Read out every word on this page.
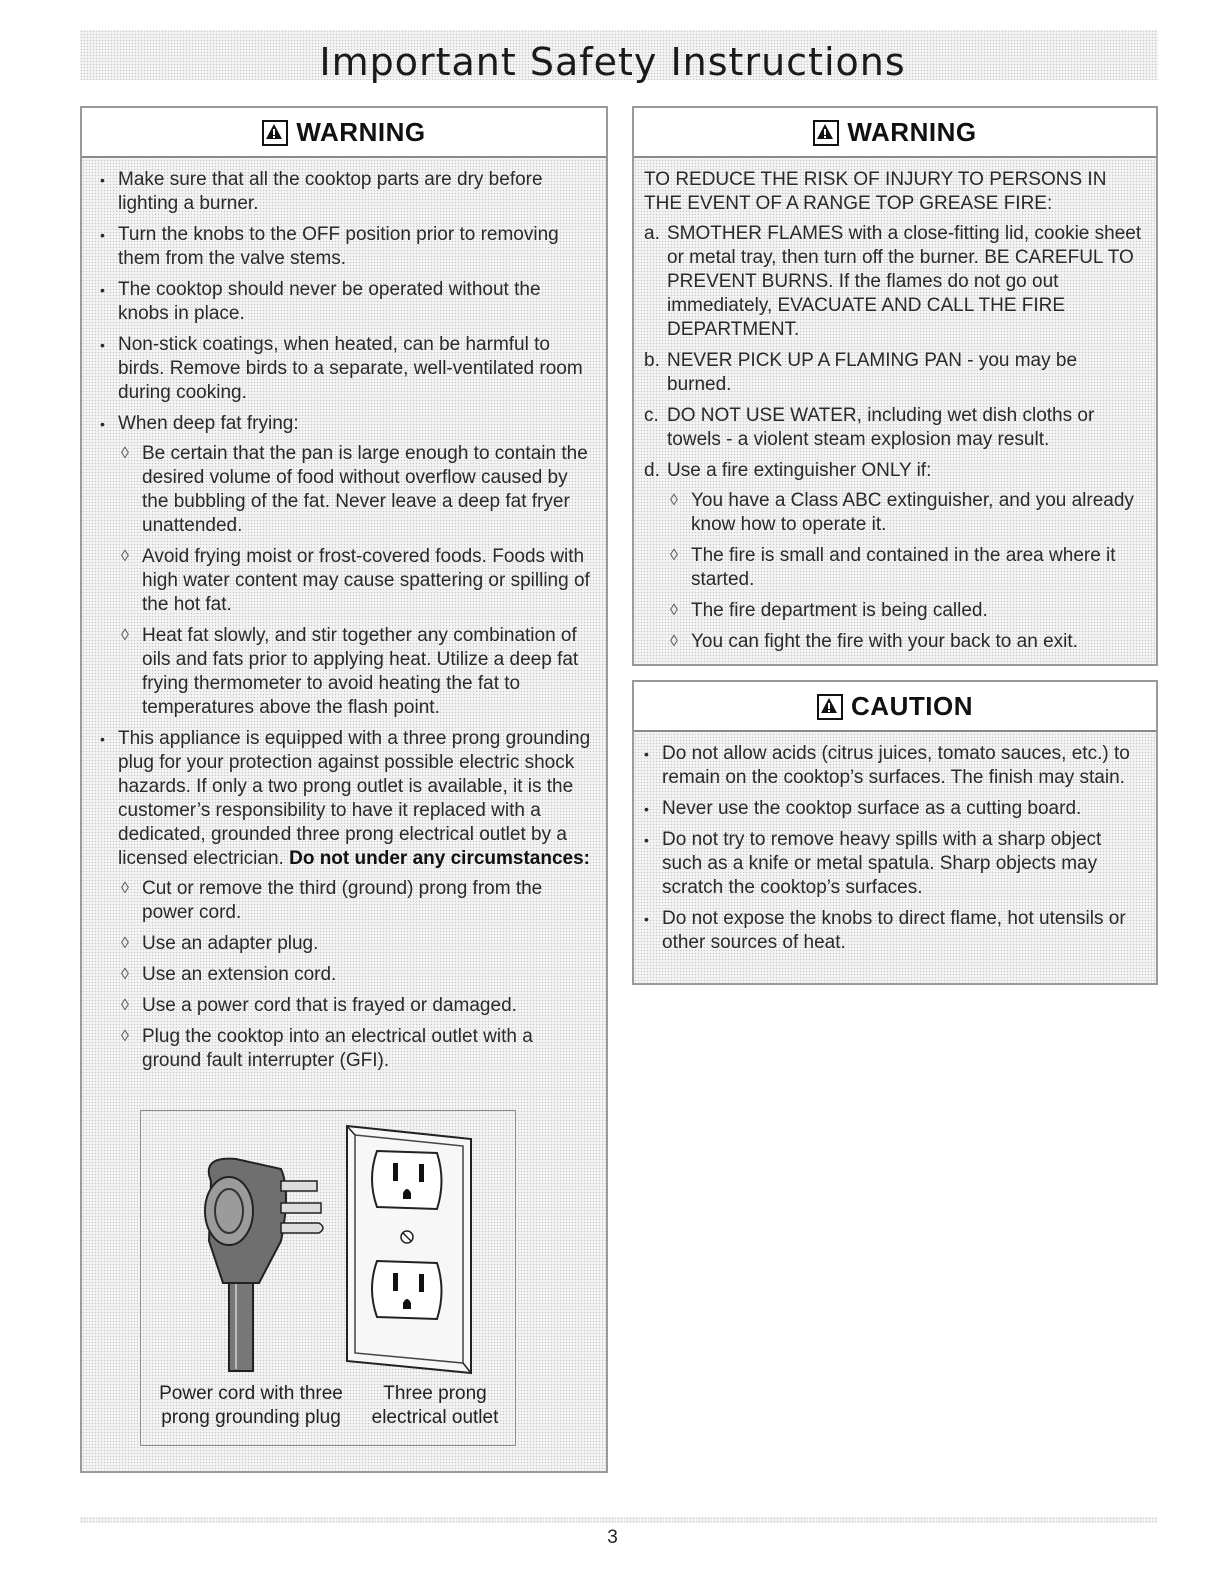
Important Safety Instructions
WARNING
• Make sure that all the cooktop parts are dry before lighting a burner.
• Turn the knobs to the OFF position prior to removing them from the valve stems.
• The cooktop should never be operated without the knobs in place.
• Non-stick coatings, when heated, can be harmful to birds. Remove birds to a separate, well-ventilated room during cooking.
• When deep fat frying:
◊ Be certain that the pan is large enough to contain the desired volume of food without overflow caused by the bubbling of the fat. Never leave a deep fat fryer unattended.
◊ Avoid frying moist or frost-covered foods. Foods with high water content may cause spattering or spilling of the hot fat.
◊ Heat fat slowly, and stir together any combination of oils and fats prior to applying heat. Utilize a deep fat frying thermometer to avoid heating the fat to temperatures above the flash point.
• This appliance is equipped with a three prong grounding plug for your protection against possible electric shock hazards. If only a two prong outlet is available, it is the customer’s responsibility to have it replaced with a dedicated, grounded three prong electrical outlet by a licensed electrician. Do not under any circumstances:
◊ Cut or remove the third (ground) prong from the power cord.
◊ Use an adapter plug.
◊ Use an extension cord.
◊ Use a power cord that is frayed or damaged.
◊ Plug the cooktop into an electrical outlet with a ground fault interrupter (GFI).
Power cord with three
prong grounding plug
Three prong
electrical outlet
WARNING
TO REDUCE THE RISK OF INJURY TO PERSONS IN THE EVENT OF A RANGE TOP GREASE FIRE:
a. SMOTHER FLAMES with a close-fitting lid, cookie sheet or metal tray, then turn off the burner. BE CAREFUL TO PREVENT BURNS. If the flames do not go out immediately, EVACUATE AND CALL THE FIRE DEPARTMENT.
b. NEVER PICK UP A FLAMING PAN - you may be burned.
c. DO NOT USE WATER, including wet dish cloths or towels - a violent steam explosion may result.
d. Use a fire extinguisher ONLY if:
◊ You have a Class ABC extinguisher, and you already know how to operate it.
◊ The fire is small and contained in the area where it started.
◊ The fire department is being called.
◊ You can fight the fire with your back to an exit.
CAUTION
• Do not allow acids (citrus juices, tomato sauces, etc.) to remain on the cooktop’s surfaces. The finish may stain.
• Never use the cooktop surface as a cutting board.
• Do not try to remove heavy spills with a sharp object such as a knife or metal spatula. Sharp objects may scratch the cooktop’s surfaces.
• Do not expose the knobs to direct flame, hot utensils or other sources of heat.
3
